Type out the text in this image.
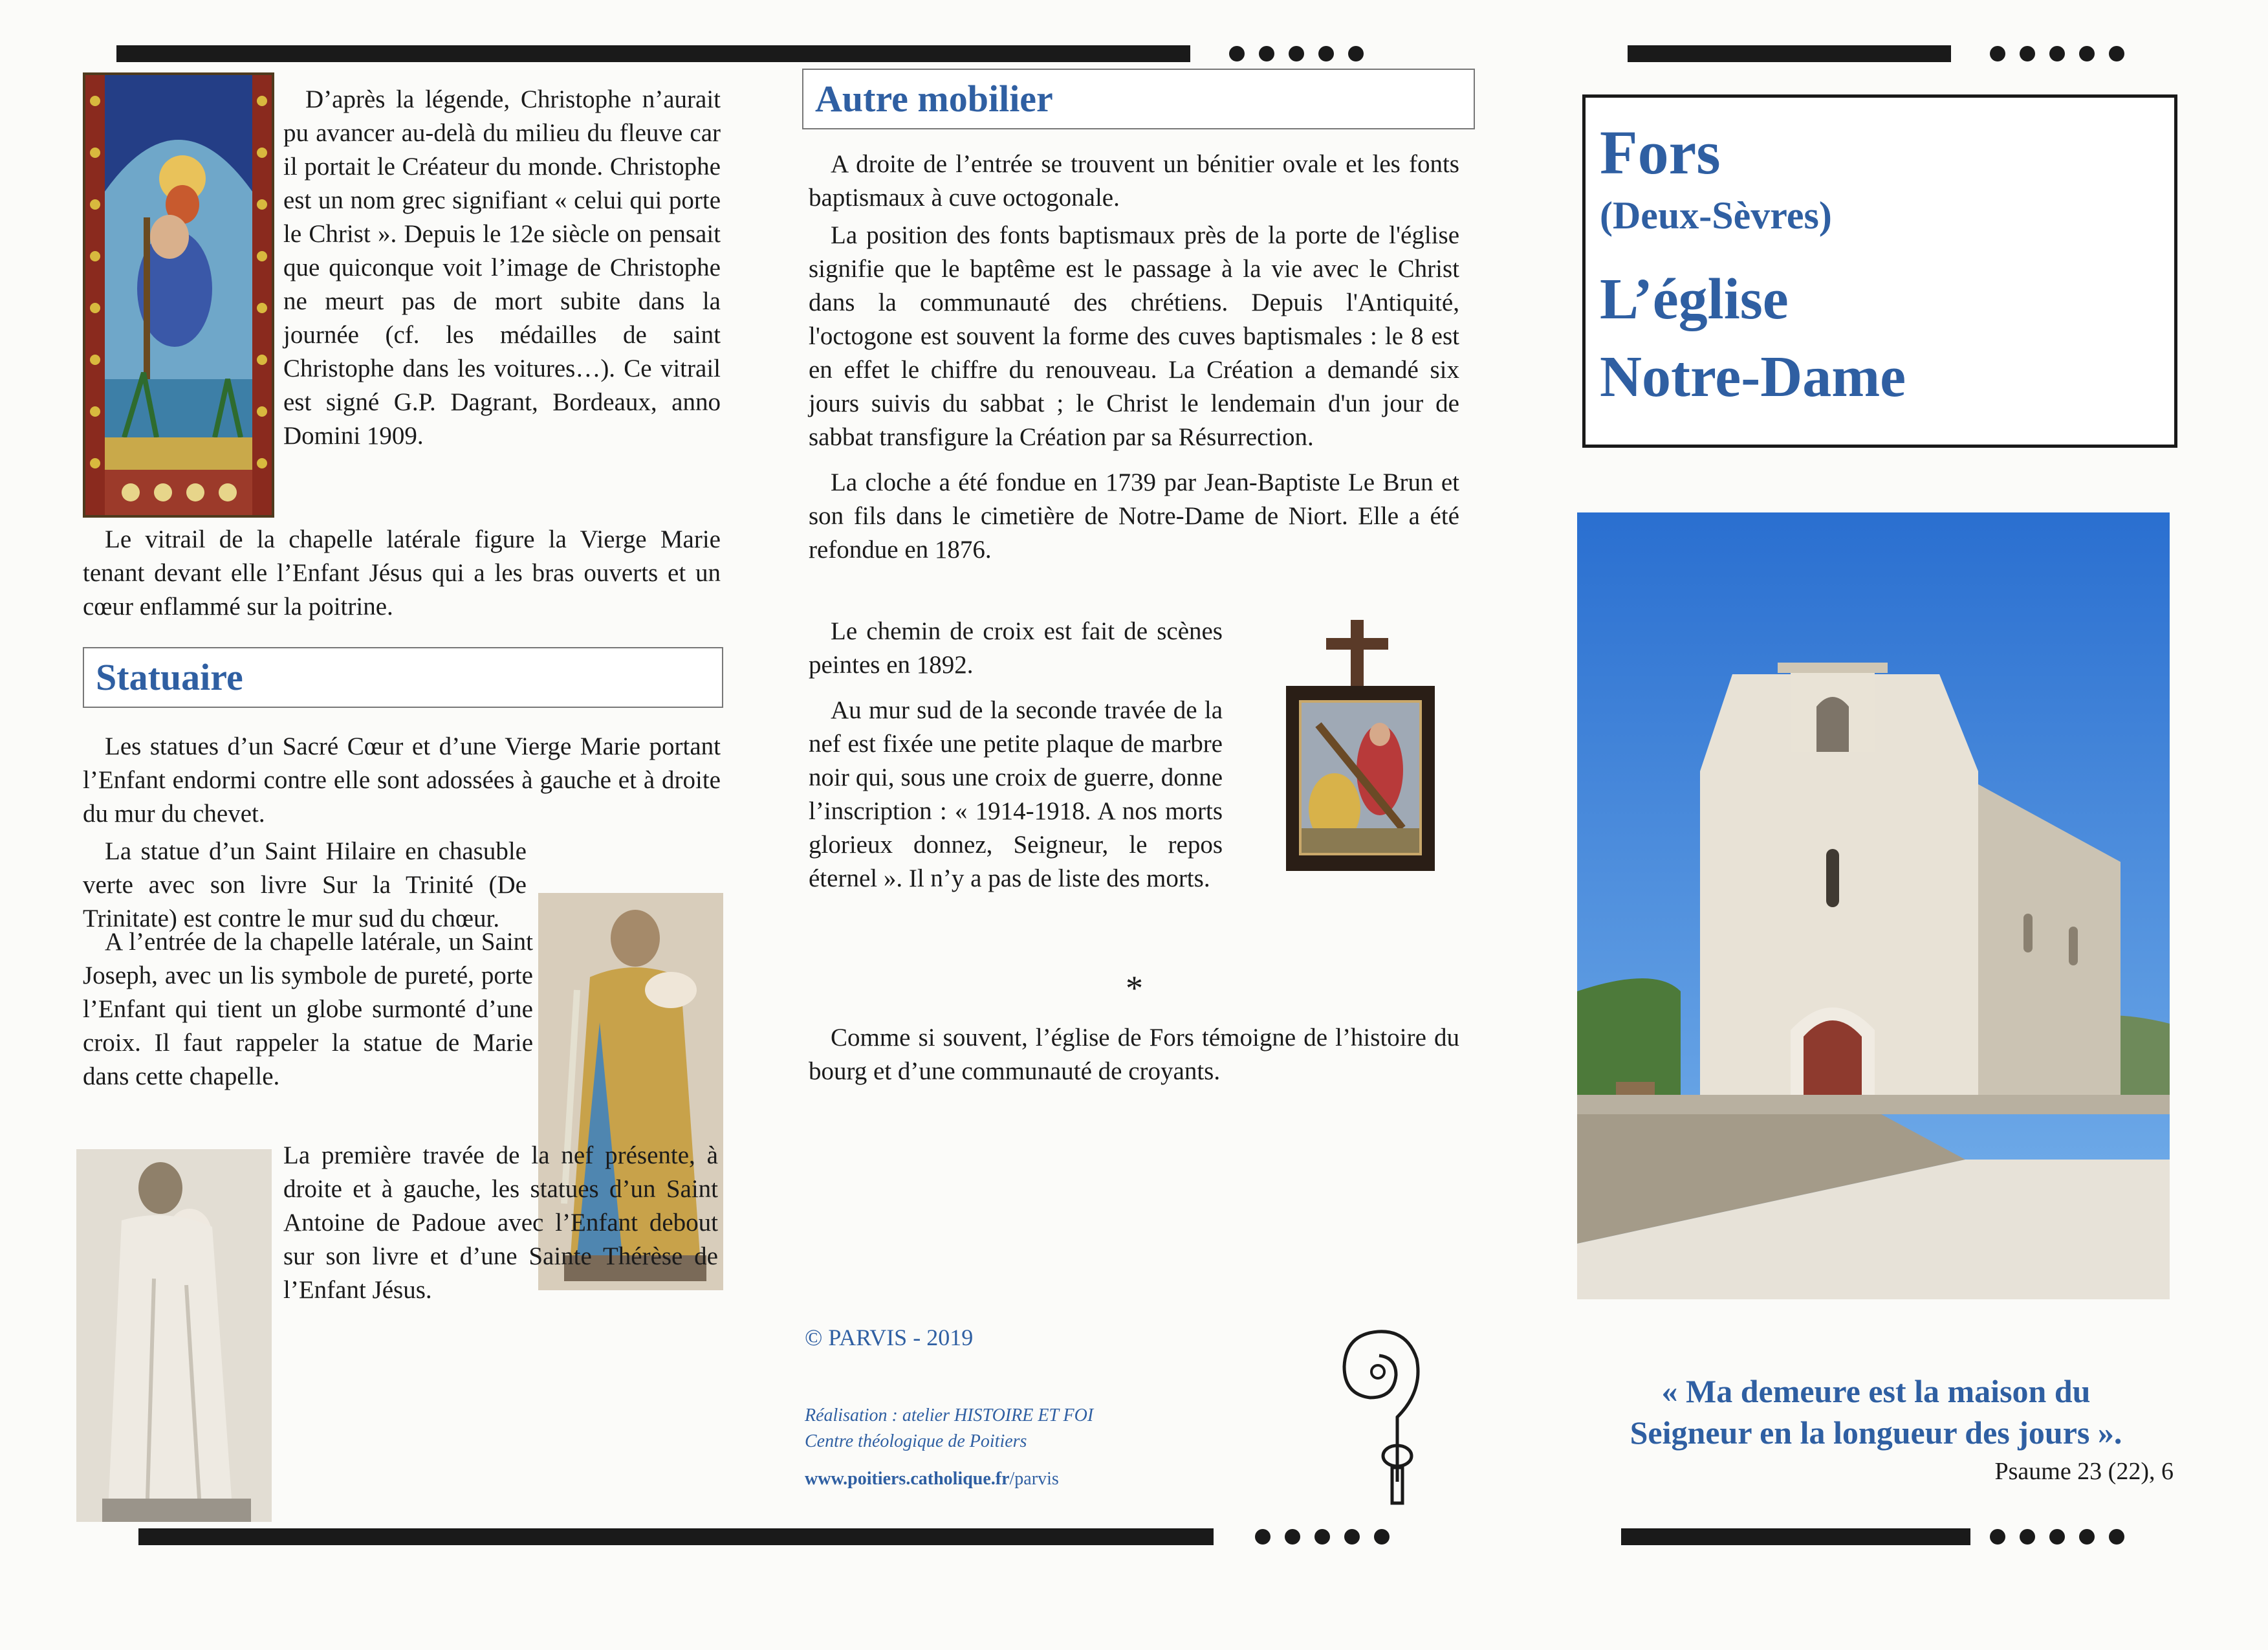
D’après la légende, Christophe n’aurait pu avancer au-delà du milieu du fleuve car il portait le Créateur du monde. Christophe est un nom grec signifiant « celui qui porte le Christ ». Depuis le 12e siècle on pensait que quiconque voit l’image de Christophe ne meurt pas de mort subite dans la journée (cf. les médailles de saint Christophe dans les voitures…). Ce vitrail est signé G.P. Dagrant, Bordeaux, anno Domini 1909.

Le vitrail de la chapelle latérale figure la Vierge Marie tenant devant elle l’Enfant Jésus qui a les bras ouverts et un cœur enflammé sur la poitrine.

Statuaire

Les statues d’un Sacré Cœur et d’une Vierge Marie portant l’Enfant endormi contre elle sont adossées à gauche et à droite du mur du chevet.

La statue d’un Saint Hilaire en chasuble verte avec son livre Sur la Trinité (De Trinitate) est contre le mur sud du chœur.

A l’entrée de la chapelle latérale, un Saint Joseph, avec un lis symbole de pureté, porte l’Enfant qui tient un globe surmonté d’une croix. Il faut rappeler la statue de Marie dans cette chapelle.

La première travée de la nef présente, à droite et à gauche, les statues d’un Saint Antoine de Padoue avec l’Enfant debout sur son livre et d’une Sainte Thérèse de l’Enfant Jésus.

Autre mobilier

A droite de l’entrée se trouvent un bénitier ovale et les fonts baptismaux à cuve octogonale.

La position des fonts baptismaux près de la porte de l'église signifie que le baptême est le passage à la vie avec le Christ dans la communauté des chrétiens. Depuis l'Antiquité, l'octogone est souvent la forme des cuves baptismales : le 8 est en effet le chiffre du renouveau. La Création a demandé six jours suivis du sabbat ; le Christ le lendemain d'un jour de sabbat transfigure la Création par sa Résurrection.

La cloche a été fondue en 1739 par Jean-Baptiste Le Brun et son fils dans le cimetière de Notre-Dame de Niort. Elle a été refondue en 1876.

Le chemin de croix est fait de scènes peintes en 1892.

Au mur sud de la seconde travée de la nef est fixée une petite plaque de marbre noir qui, sous une croix de guerre, donne l’inscription : « 1914-1918. A nos morts glorieux donnez, Seigneur, le repos éternel ». Il n’y a pas de liste des morts.

*

Comme si souvent, l’église de Fors témoigne de l’histoire du bourg et d’une communauté de croyants.

© PARVIS - 2019
Réalisation : atelier HISTOIRE ET FOI
Centre théologique de Poitiers
www.poitiers.catholique.fr/parvis
Fors
(Deux-Sèvres)
L’église
Notre-Dame
« Ma demeure est la maison du
Seigneur en la longueur des jours ».
Psaume 23 (22), 6
